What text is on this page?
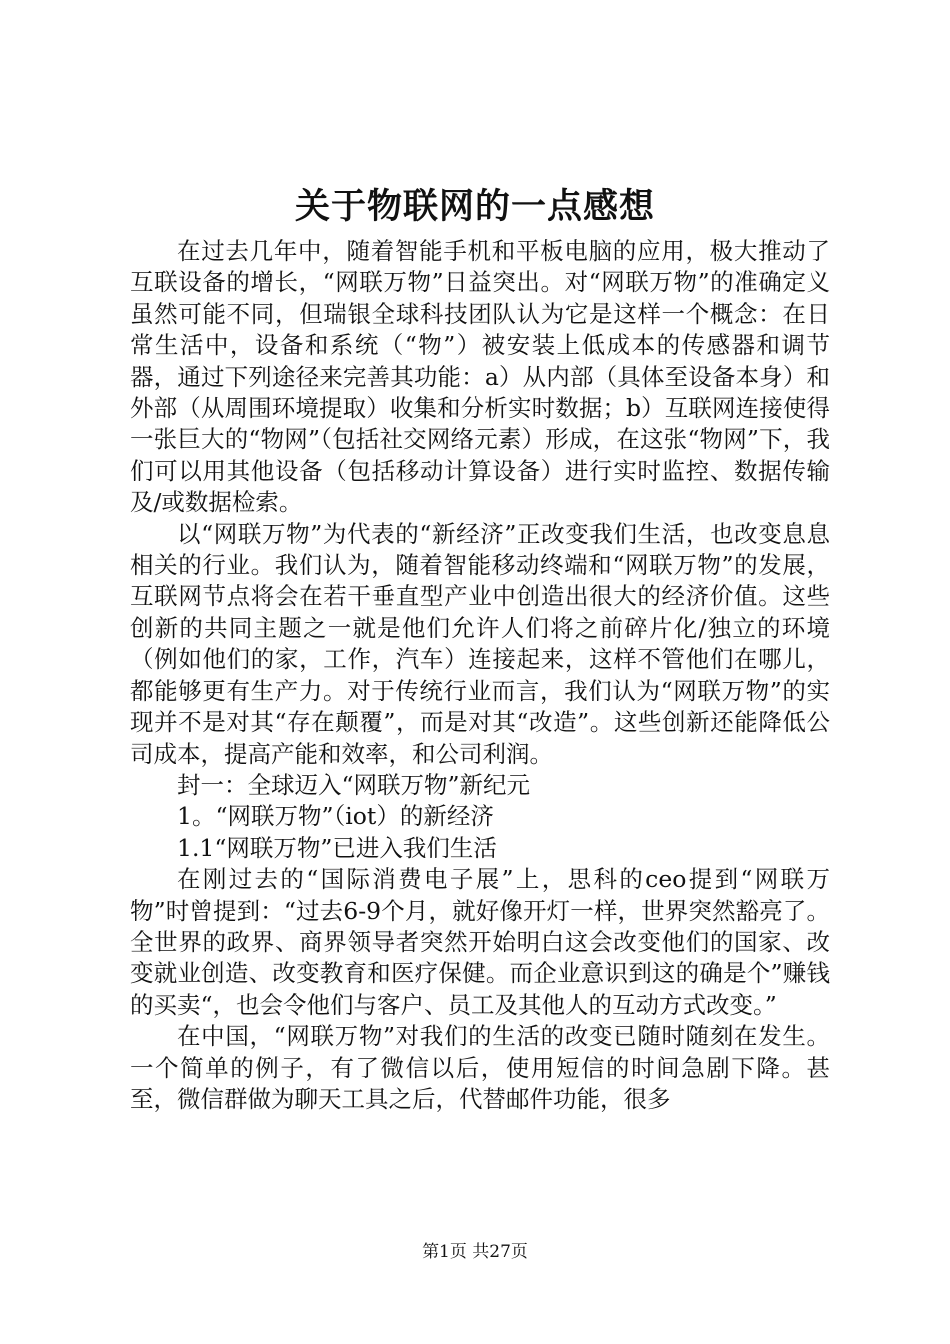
关于物联网的一点感想

在过去几年中，随着智能手机和平板电脑的应用，极大推动了互联设备的增长，“网联万物”日益突出。对“网联万物”的准确定义虽然可能不同，但瑞银全球科技团队认为它是这样一个概念：在日常生活中，设备和系统（“物”）被安装上低成本的传感器和调节器，通过下列途径来完善其功能：a）从内部（具体至设备本身）和外部（从周围环境提取）收集和分析实时数据；b）互联网连接使得一张巨大的“物网”（包括社交网络元素）形成，在这张“物网”下，我们可以用其他设备（包括移动计算设备）进行实时监控、数据传输及/或数据检索。

以“网联万物”为代表的“新经济”正改变我们生活，也改变息息相关的行业。我们认为，随着智能移动终端和“网联万物”的发展，互联网节点将会在若干垂直型产业中创造出很大的经济价值。这些创新的共同主题之一就是他们允许人们将之前碎片化/独立的环境（例如他们的家，工作，汽车）连接起来，这样不管他们在哪儿，都能够更有生产力。对于传统行业而言，我们认为“网联万物”的实现并不是对其“存在颠覆”，而是对其“改造”。这些创新还能降低公司成本，提高产能和效率，和公司利润。

封一：全球迈入“网联万物”新纪元

1。“网联万物”（iot）的新经济

1.1“网联万物”已进入我们生活

在刚过去的“国际消费电子展”上，思科的ceo提到“网联万物”时曾提到：“过去6-9个月，就好像开灯一样，世界突然豁亮了。全世界的政界、商界领导者突然开始明白这会改变他们的国家、改变就业创造、改变教育和医疗保健。而企业意识到这的确是个”赚钱的买卖“，也会令他们与客户、员工及其他人的互动方式改变。”

在中国，“网联万物”对我们的生活的改变已随时随刻在发生。一个简单的例子，有了微信以后，使用短信的时间急剧下降。甚至，微信群做为聊天工具之后，代替邮件功能，很多

第1页 共27页
